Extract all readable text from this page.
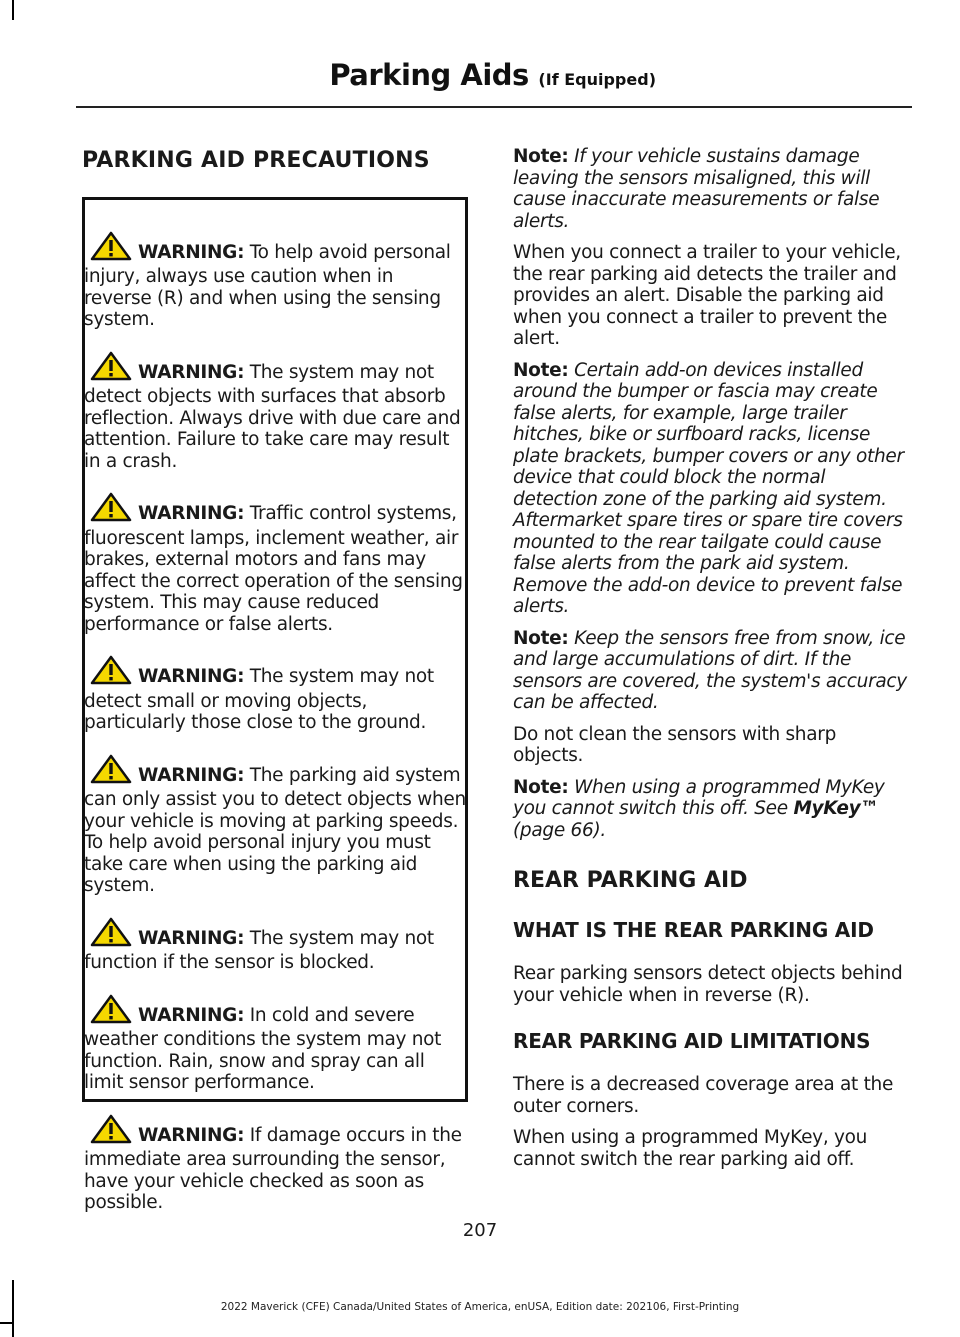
Parking Aids (If Equipped)
PARKING AID PRECAUTIONS

WARNING: To help avoid personal injury, always use caution when in reverse (R) and when using the sensing system.

WARNING: The system may not detect objects with surfaces that absorb reflection. Always drive with due care and attention. Failure to take care may result in a crash.

WARNING: Traffic control systems, fluorescent lamps, inclement weather, air brakes, external motors and fans may affect the correct operation of the sensing system. This may cause reduced performance or false alerts.

WARNING: The system may not detect small or moving objects, particularly those close to the ground.

WARNING: The parking aid system can only assist you to detect objects when your vehicle is moving at parking speeds. To help avoid personal injury you must take care when using the parking aid system.

WARNING: The system may not function if the sensor is blocked.

WARNING: In cold and severe weather conditions the system may not function. Rain, snow and spray can all limit sensor performance.

WARNING: If damage occurs in the immediate area surrounding the sensor, have your vehicle checked as soon as possible.

Note: If your vehicle sustains damage leaving the sensors misaligned, this will cause inaccurate measurements or false alerts.

When you connect a trailer to your vehicle, the rear parking aid detects the trailer and provides an alert. Disable the parking aid when you connect a trailer to prevent the alert.

Note: Certain add-on devices installed around the bumper or fascia may create false alerts, for example, large trailer hitches, bike or surfboard racks, license plate brackets, bumper covers or any other device that could block the normal detection zone of the parking aid system. Aftermarket spare tires or spare tire covers mounted to the rear tailgate could cause false alerts from the park aid system. Remove the add-on device to prevent false alerts.

Note: Keep the sensors free from snow, ice and large accumulations of dirt. If the sensors are covered, the system's accuracy can be affected.

Do not clean the sensors with sharp objects.

Note: When using a programmed MyKey you cannot switch this off. See MyKey™ (page 66).

REAR PARKING AID
WHAT IS THE REAR PARKING AID

Rear parking sensors detect objects behind your vehicle when in reverse (R).

REAR PARKING AID LIMITATIONS

There is a decreased coverage area at the outer corners.

When using a programmed MyKey, you cannot switch the rear parking aid off.

207
2022 Maverick (CFE) Canada/United States of America, enUSA, Edition date: 202106, First-Printing
